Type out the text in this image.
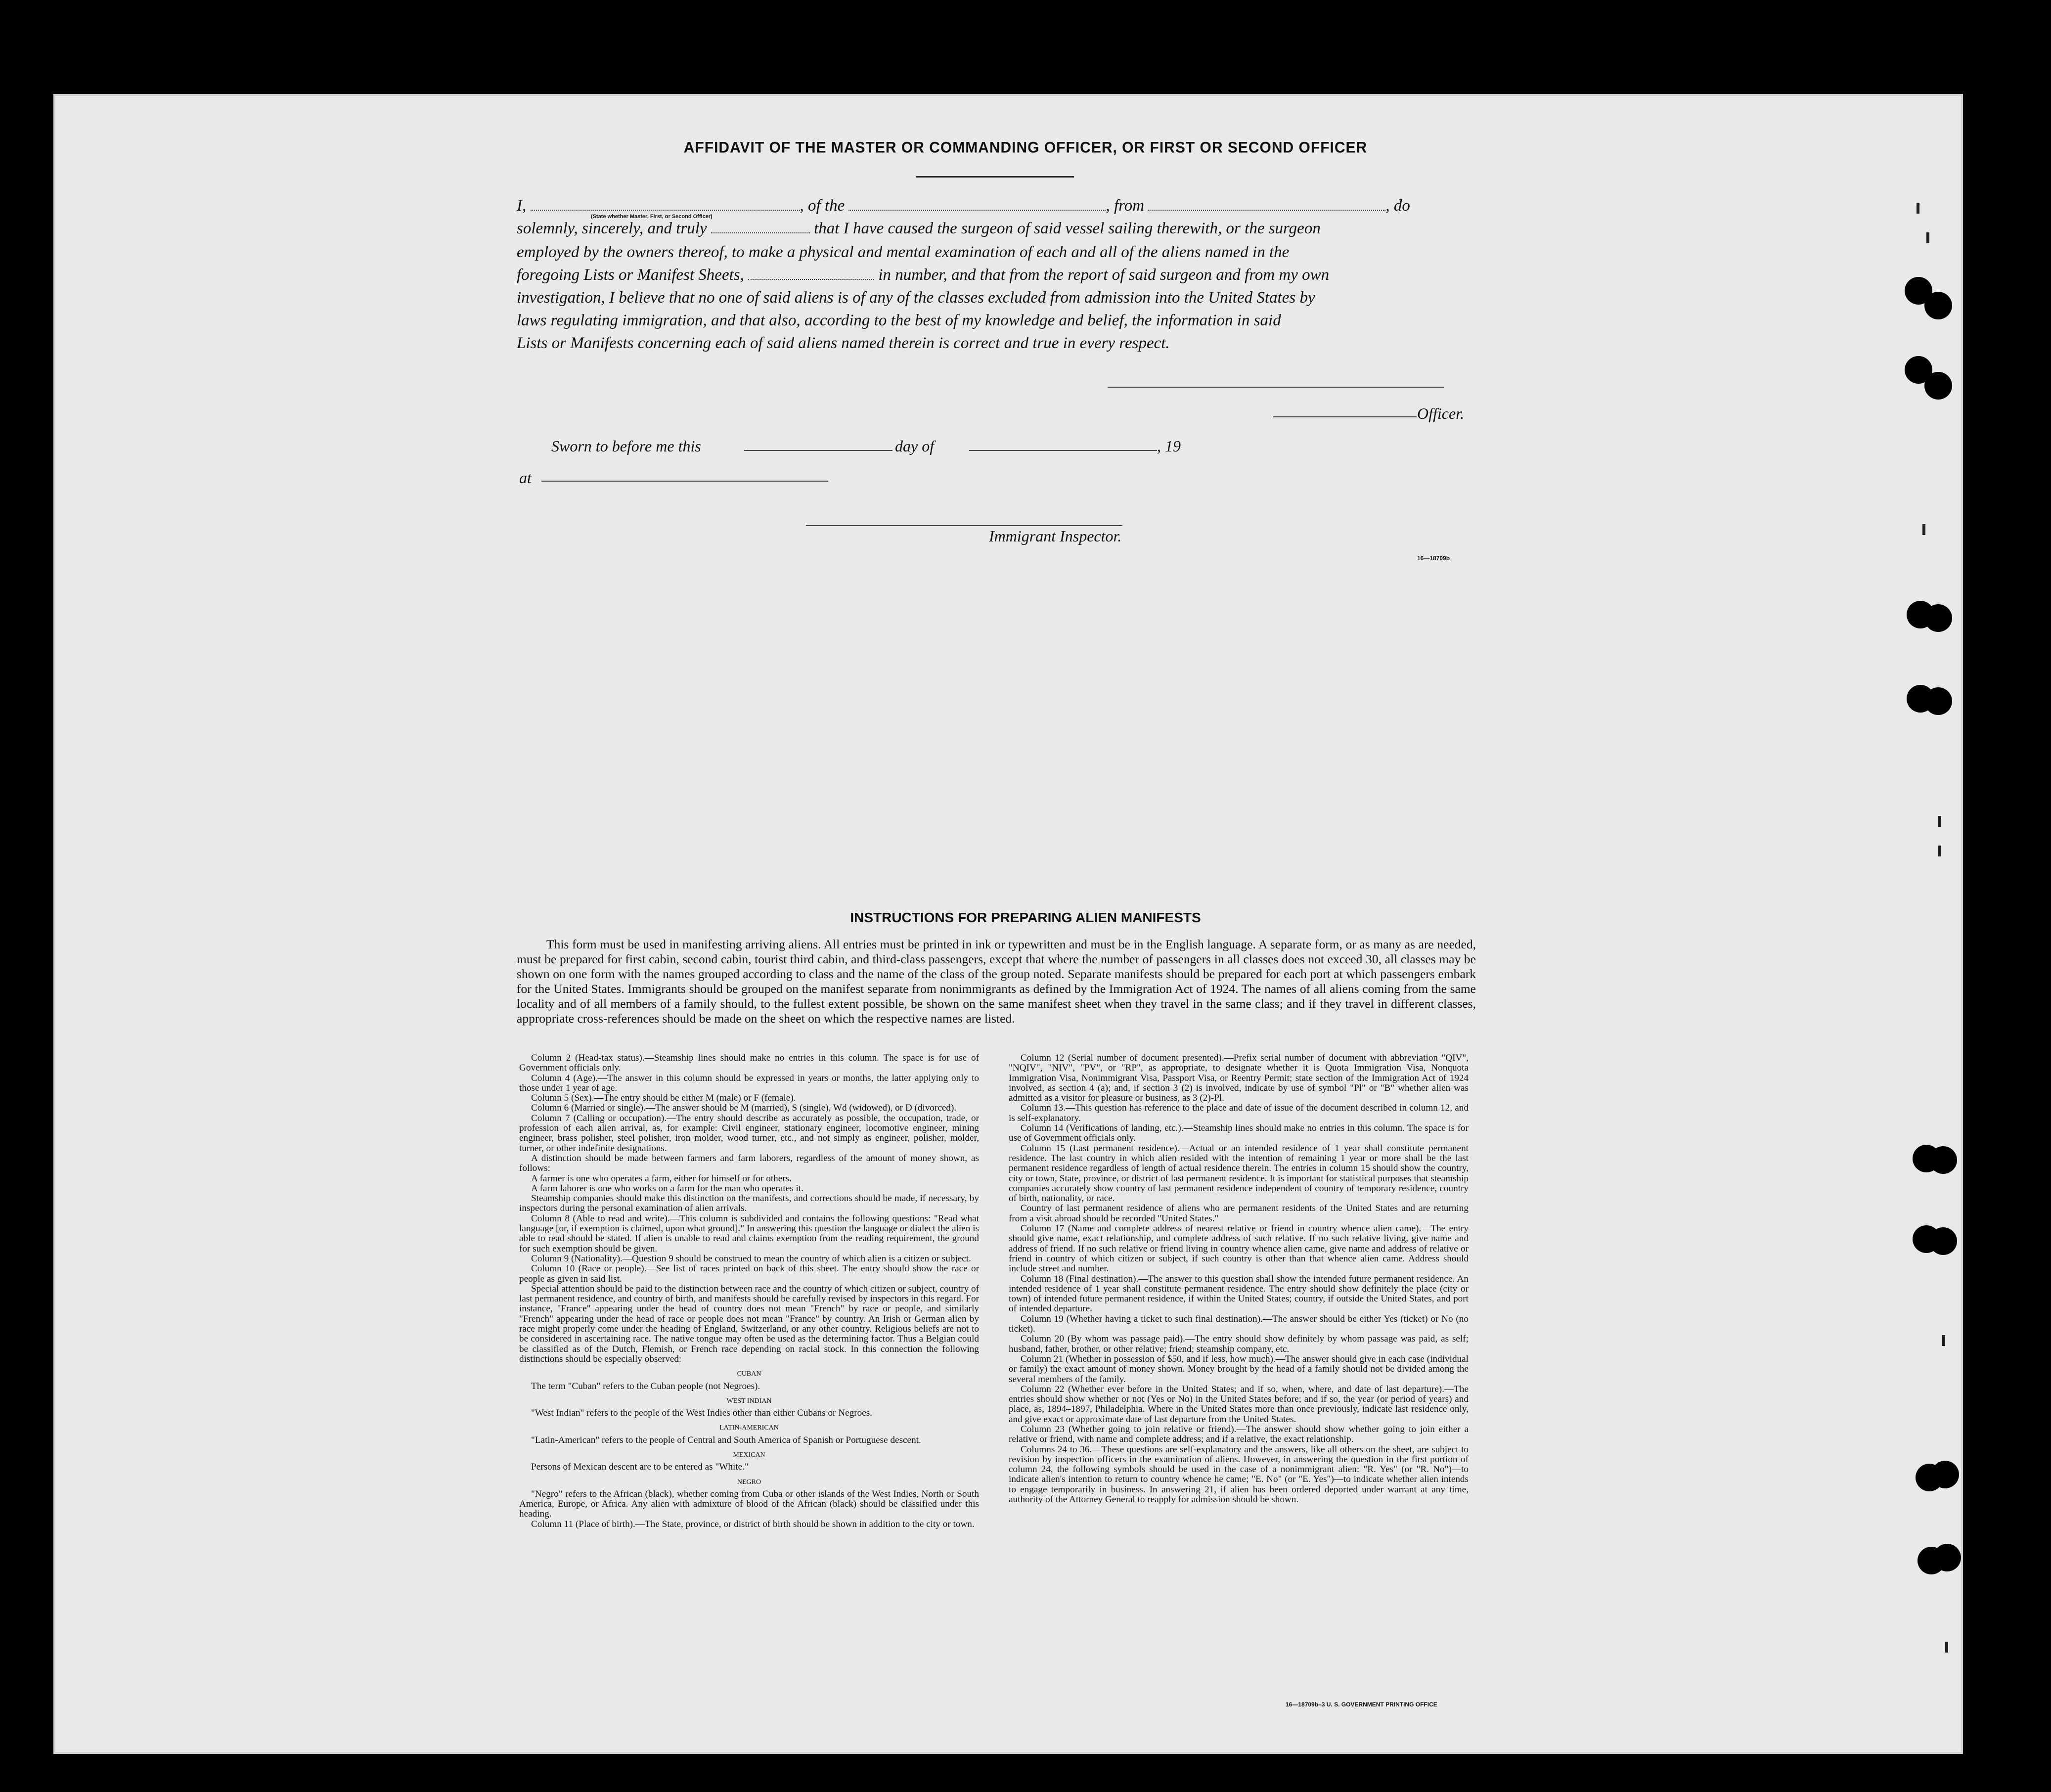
AFFIDAVIT OF THE MASTER OR COMMANDING OFFICER, OR FIRST OR SECOND OFFICER
I,	, of the	, from	, do
(State whether Master, First, or Second Officer)
solemnly, sincerely, and truly	that I have caused the surgeon of said vessel sailing therewith, or the surgeon
employed by the owners thereof, to make a physical and mental examination of each and all of the aliens named in the
foregoing Lists or Manifest Sheets,	in number, and that from the report of said surgeon and from my own
investigation, I believe that no one of said aliens is of any of the classes excluded from admission into the United States by
laws regulating immigration, and that also, according to the best of my knowledge and belief, the information in said
Lists or Manifests concerning each of said aliens named therein is correct and true in every respect.
Officer.
Sworn to before me this	day of	, 19
at
Immigrant Inspector.
16—18709b
INSTRUCTIONS FOR PREPARING ALIEN MANIFESTS
This form must be used in manifesting arriving aliens. All entries must be printed in ink or typewritten and must be in the English language. A separate form, or as many as are needed, must be prepared for first cabin, second cabin, tourist third cabin, and third-class passengers, except that where the number of passengers in all classes does not exceed 30, all classes may be shown on one form with the names grouped according to class and the name of the class of the group noted. Separate manifests should be prepared for each port at which passengers embark for the United States. Immigrants should be grouped on the manifest separate from nonimmigrants as defined by the Immigration Act of 1924. The names of all aliens coming from the same locality and of all members of a family should, to the fullest extent possible, be shown on the same manifest sheet when they travel in the same class; and if they travel in different classes, appropriate cross-references should be made on the sheet on which the respective names are listed.

Column 2 (Head-tax status).—Steamship lines should make no entries in this column. The space is for use of Government officials only.

Column 4 (Age).—The answer in this column should be expressed in years or months, the latter applying only to those under 1 year of age.

Column 5 (Sex).—The entry should be either M (male) or F (female).

Column 6 (Married or single).—The answer should be M (married), S (single), Wd (widowed), or D (divorced).

Column 7 (Calling or occupation).—The entry should describe as accurately as possible, the occupation, trade, or profession of each alien arrival, as, for example: Civil engineer, stationary engineer, locomotive engineer, mining engineer, brass polisher, steel polisher, iron molder, wood turner, etc., and not simply as engineer, polisher, molder, turner, or other indefinite designations.

A distinction should be made between farmers and farm laborers, regardless of the amount of money shown, as follows:

A farmer is one who operates a farm, either for himself or for others.

A farm laborer is one who works on a farm for the man who operates it.

Steamship companies should make this distinction on the manifests, and corrections should be made, if necessary, by inspectors during the personal examination of alien arrivals.

Column 8 (Able to read and write).—This column is subdivided and contains the following questions: "Read what language [or, if exemption is claimed, upon what ground]." In answering this question the language or dialect the alien is able to read should be stated. If alien is unable to read and claims exemption from the reading requirement, the ground for such exemption should be given.

Column 9 (Nationality).—Question 9 should be construed to mean the country of which alien is a citizen or subject.

Column 10 (Race or people).—See list of races printed on back of this sheet. The entry should show the race or people as given in said list.

Special attention should be paid to the distinction between race and the country of which citizen or subject, country of last permanent residence, and country of birth, and manifests should be carefully revised by inspectors in this regard. For instance, "France" appearing under the head of country does not mean "French" by race or people, and similarly "French" appearing under the head of race or people does not mean "France" by country. An Irish or German alien by race might properly come under the heading of England, Switzerland, or any other country. Religious beliefs are not to be considered in ascertaining race. The native tongue may often be used as the determining factor. Thus a Belgian could be classified as of the Dutch, Flemish, or French race depending on racial stock. In this connection the following distinctions should be especially observed:

CUBAN

The term "Cuban" refers to the Cuban people (not Negroes).

WEST INDIAN

"West Indian" refers to the people of the West Indies other than either Cubans or Negroes.

LATIN-AMERICAN

"Latin-American" refers to the people of Central and South America of Spanish or Portuguese descent.

MEXICAN

Persons of Mexican descent are to be entered as "White."

NEGRO

"Negro" refers to the African (black), whether coming from Cuba or other islands of the West Indies, North or South America, Europe, or Africa. Any alien with admixture of blood of the African (black) should be classified under this heading.

Column 11 (Place of birth).—The State, province, or district of birth should be shown in addition to the city or town.

Column 12 (Serial number of document presented).—Prefix serial number of document with abbreviation "QIV", "NQIV", "NIV", "PV", or "RP", as appropriate, to designate whether it is Quota Immigration Visa, Nonquota Immigration Visa, Nonimmigrant Visa, Passport Visa, or Reentry Permit; state section of the Immigration Act of 1924 involved, as section 4 (a); and, if section 3 (2) is involved, indicate by use of symbol "Pl" or "B" whether alien was admitted as a visitor for pleasure or business, as 3 (2)-Pl.

Column 13.—This question has reference to the place and date of issue of the document described in column 12, and is self-explanatory.

Column 14 (Verifications of landing, etc.).—Steamship lines should make no entries in this column. The space is for use of Government officials only.

Column 15 (Last permanent residence).—Actual or an intended residence of 1 year shall constitute permanent residence. The last country in which alien resided with the intention of remaining 1 year or more shall be the last permanent residence regardless of length of actual residence therein. The entries in column 15 should show the country, city or town, State, province, or district of last permanent residence. It is important for statistical purposes that steamship companies accurately show country of last permanent residence independent of country of temporary residence, country of birth, nationality, or race.

Country of last permanent residence of aliens who are permanent residents of the United States and are returning from a visit abroad should be recorded "United States."

Column 17 (Name and complete address of nearest relative or friend in country whence alien came).—The entry should give name, exact relationship, and complete address of such relative. If no such relative living, give name and address of friend. If no such relative or friend living in country whence alien came, give name and address of relative or friend in country of which citizen or subject, if such country is other than that whence alien came. Address should include street and number.

Column 18 (Final destination).—The answer to this question shall show the intended future permanent residence. An intended residence of 1 year shall constitute permanent residence. The entry should show definitely the place (city or town) of intended future permanent residence, if within the United States; country, if outside the United States, and port of intended departure.

Column 19 (Whether having a ticket to such final destination).—The answer should be either Yes (ticket) or No (no ticket).

Column 20 (By whom was passage paid).—The entry should show definitely by whom passage was paid, as self; husband, father, brother, or other relative; friend; steamship company, etc.

Column 21 (Whether in possession of $50, and if less, how much).—The answer should give in each case (individual or family) the exact amount of money shown. Money brought by the head of a family should not be divided among the several members of the family.

Column 22 (Whether ever before in the United States; and if so, when, where, and date of last departure).—The entries should show whether or not (Yes or No) in the United States before; and if so, the year (or period of years) and place, as, 1894–1897, Philadelphia. Where in the United States more than once previously, indicate last residence only, and give exact or approximate date of last departure from the United States.

Column 23 (Whether going to join relative or friend).—The answer should show whether going to join either a relative or friend, with name and complete address; and if a relative, the exact relationship.

Columns 24 to 36.—These questions are self-explanatory and the answers, like all others on the sheet, are subject to revision by inspection officers in the examination of aliens. However, in answering the question in the first portion of column 24, the following symbols should be used in the case of a nonimmigrant alien: "R. Yes" (or "R. No")—to indicate alien's intention to return to country whence he came; "E. No" (or "E. Yes")—to indicate whether alien intends to engage temporarily in business. In answering 21, if alien has been ordered deported under warrant at any time, authority of the Attorney General to reapply for admission should be shown.

16—18709b–3 U. S. GOVERNMENT PRINTING OFFICE
